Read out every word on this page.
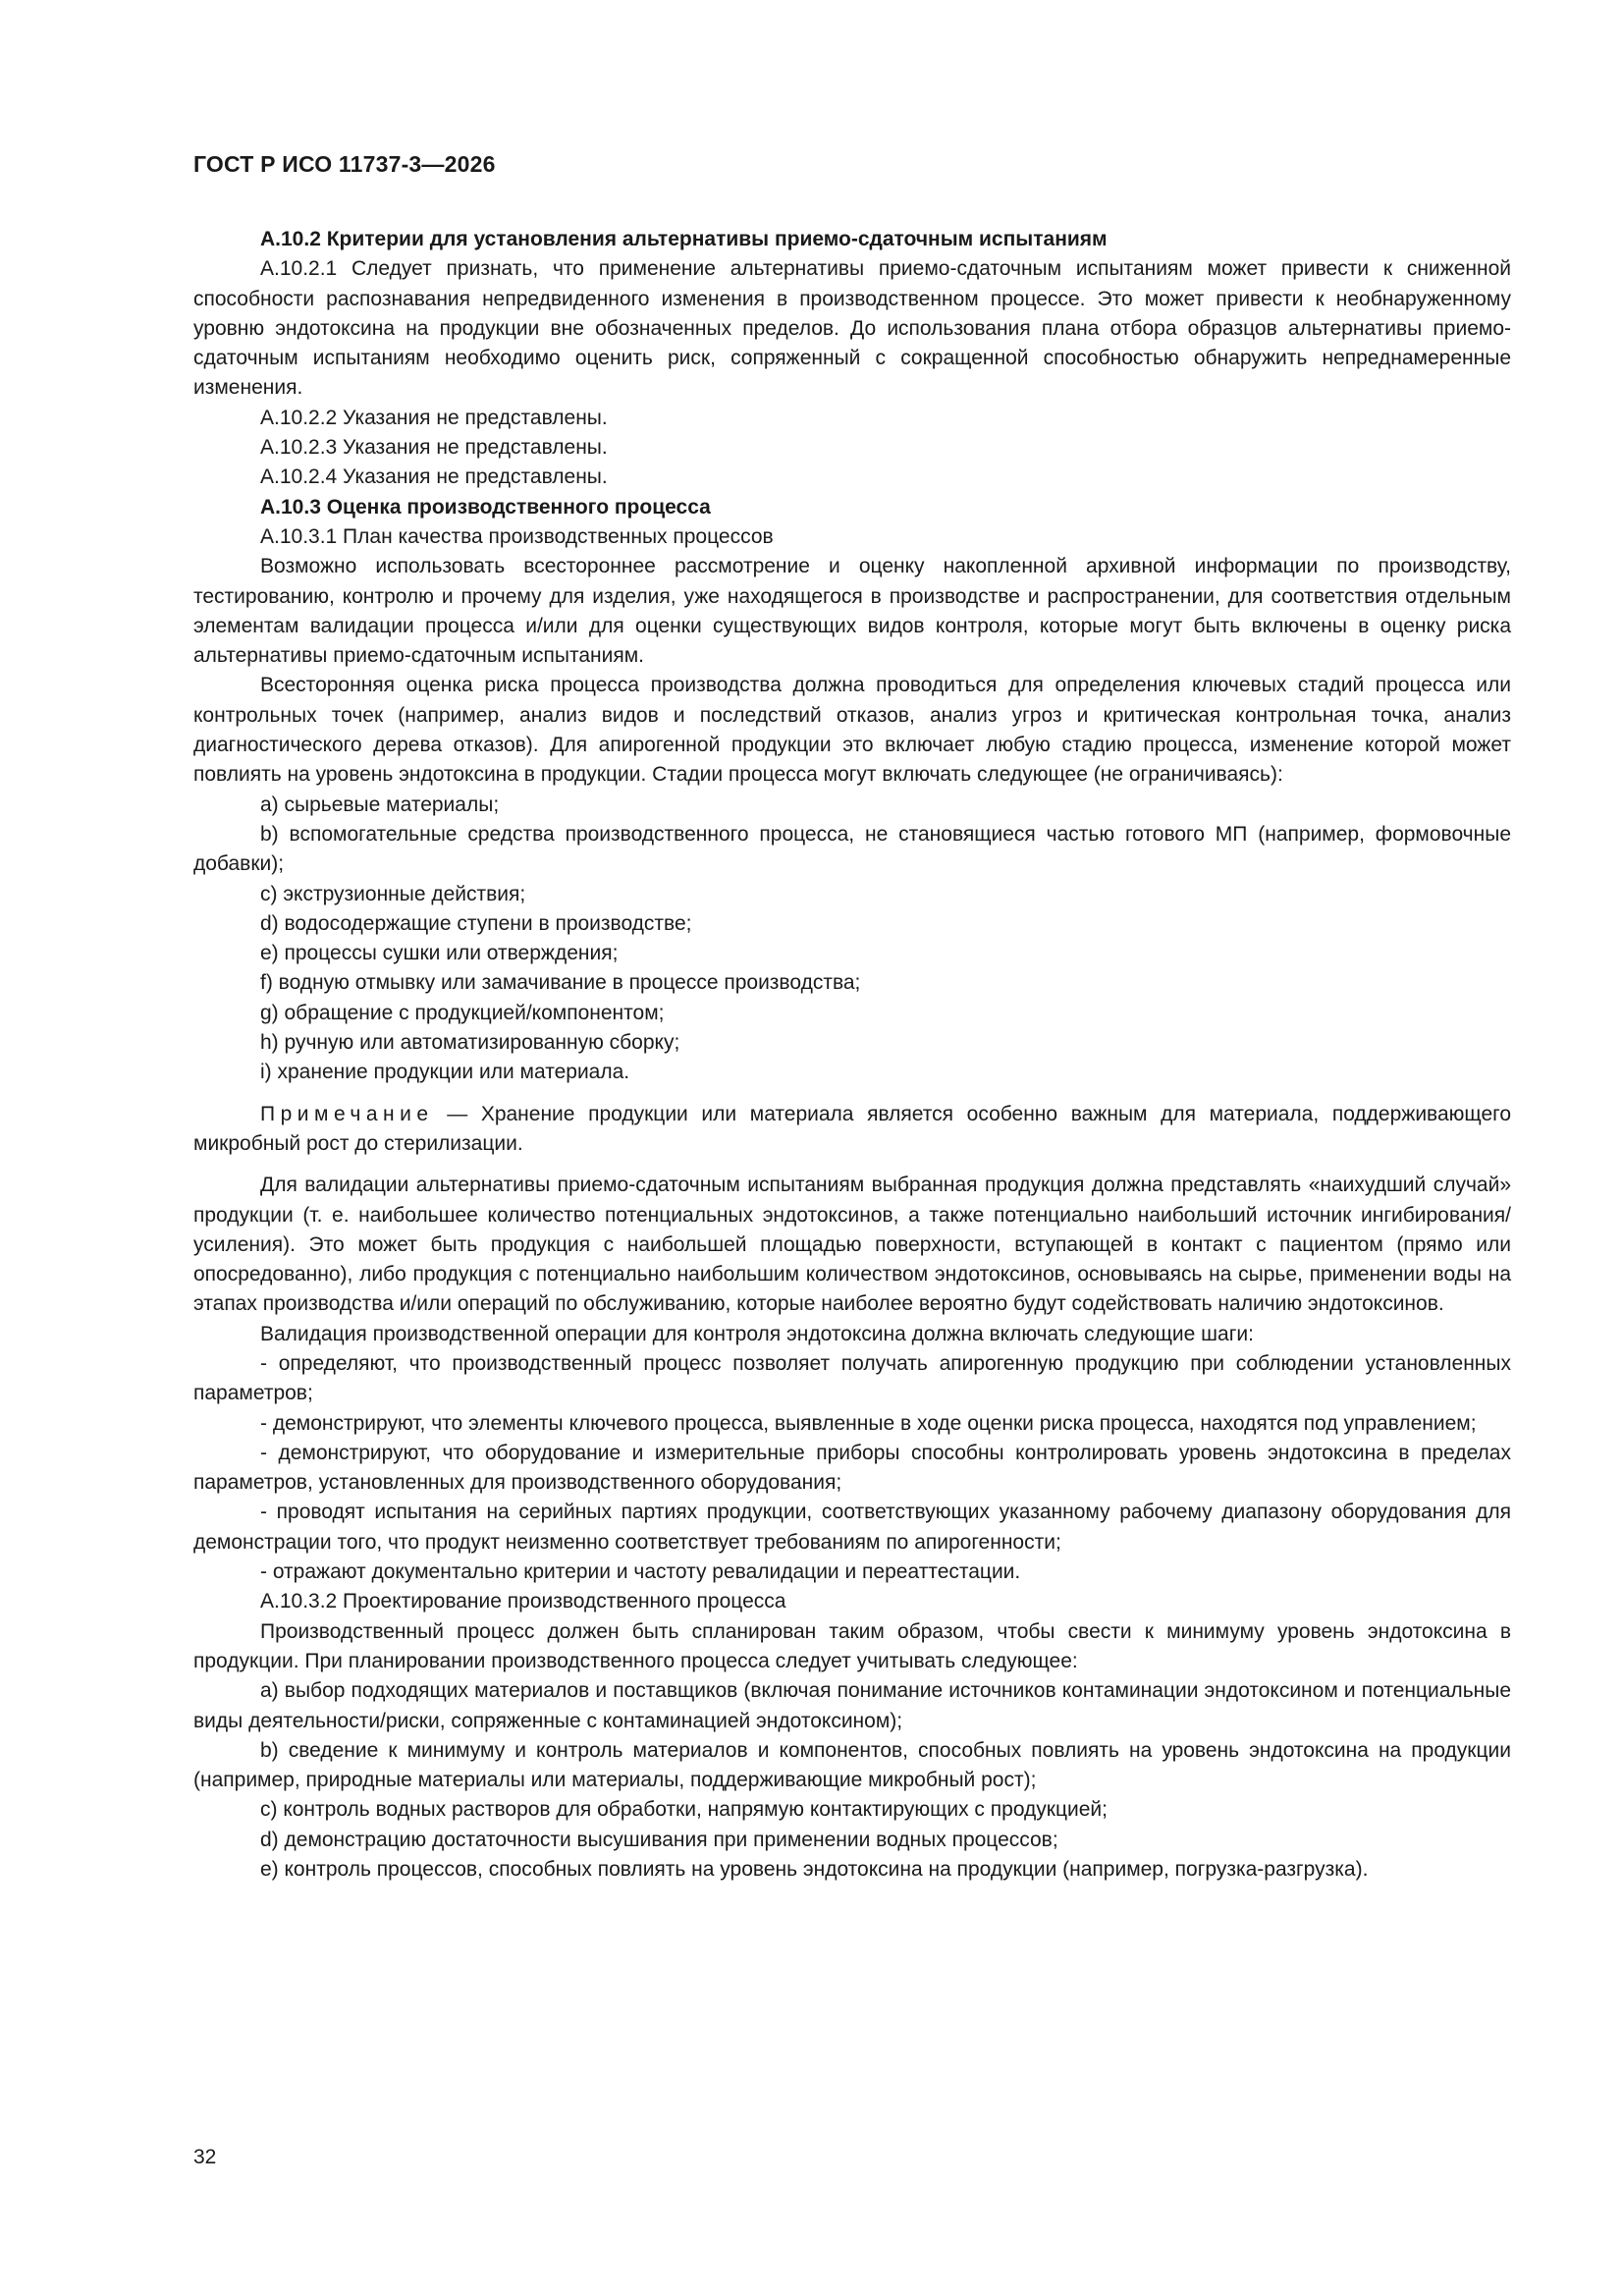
ГОСТ Р ИСО 11737-3—2026

А.10.2 Критерии для установления альтернативы приемо-сдаточным испытаниям

А.10.2.1 Следует признать, что применение альтернативы приемо-сдаточным испытаниям может привести к сниженной способности распознавания непредвиденного изменения в производственном процессе. Это может привести к необнаруженному уровню эндотоксина на продукции вне обозначенных пределов. До использования плана отбора образцов альтернативы приемо-сдаточным испытаниям необходимо оценить риск, сопряженный с сокращенной способностью обнаружить непреднамеренные изменения.

А.10.2.2 Указания не представлены.

А.10.2.3 Указания не представлены.

А.10.2.4 Указания не представлены.

А.10.3 Оценка производственного процесса

А.10.3.1 План качества производственных процессов

Возможно использовать всестороннее рассмотрение и оценку накопленной архивной информации по производству, тестированию, контролю и прочему для изделия, уже находящегося в производстве и распространении, для соответствия отдельным элементам валидации процесса и/или для оценки существующих видов контроля, которые могут быть включены в оценку риска альтернативы приемо-сдаточным испытаниям.

Всесторонняя оценка риска процесса производства должна проводиться для определения ключевых стадий процесса или контрольных точек (например, анализ видов и последствий отказов, анализ угроз и критическая контрольная точка, анализ диагностического дерева отказов). Для апирогенной продукции это включает любую стадию процесса, изменение которой может повлиять на уровень эндотоксина в продукции. Стадии процесса могут включать следующее (не ограничиваясь):

a) сырьевые материалы;

b) вспомогательные средства производственного процесса, не становящиеся частью готового МП (например, формовочные добавки);

c) экструзионные действия;

d) водосодержащие ступени в производстве;

e) процессы сушки или отверждения;

f) водную отмывку или замачивание в процессе производства;

g) обращение с продукцией/компонентом;

h) ручную или автоматизированную сборку;

i) хранение продукции или материала.

Примечание — Хранение продукции или материала является особенно важным для материала, поддерживающего микробный рост до стерилизации.

Для валидации альтернативы приемо-сдаточным испытаниям выбранная продукция должна представлять «наихудший случай» продукции (т. е. наибольшее количество потенциальных эндотоксинов, а также потенциально наибольший источник ингибирования/усиления). Это может быть продукция с наибольшей площадью поверхности, вступающей в контакт с пациентом (прямо или опосредованно), либо продукция с потенциально наибольшим количеством эндотоксинов, основываясь на сырье, применении воды на этапах производства и/или операций по обслуживанию, которые наиболее вероятно будут содействовать наличию эндотоксинов.

Валидация производственной операции для контроля эндотоксина должна включать следующие шаги:

- определяют, что производственный процесс позволяет получать апирогенную продукцию при соблюдении установленных параметров;

- демонстрируют, что элементы ключевого процесса, выявленные в ходе оценки риска процесса, находятся под управлением;

- демонстрируют, что оборудование и измерительные приборы способны контролировать уровень эндотоксина в пределах параметров, установленных для производственного оборудования;

- проводят испытания на серийных партиях продукции, соответствующих указанному рабочему диапазону оборудования для демонстрации того, что продукт неизменно соответствует требованиям по апирогенности;

- отражают документально критерии и частоту ревалидации и переаттестации.

А.10.3.2 Проектирование производственного процесса

Производственный процесс должен быть спланирован таким образом, чтобы свести к минимуму уровень эндотоксина в продукции. При планировании производственного процесса следует учитывать следующее:

a) выбор подходящих материалов и поставщиков (включая понимание источников контаминации эндотоксином и потенциальные виды деятельности/риски, сопряженные с контаминацией эндотоксином);

b) сведение к минимуму и контроль материалов и компонентов, способных повлиять на уровень эндотоксина на продукции (например, природные материалы или материалы, поддерживающие микробный рост);

c) контроль водных растворов для обработки, напрямую контактирующих с продукцией;

d) демонстрацию достаточности высушивания при применении водных процессов;

e) контроль процессов, способных повлиять на уровень эндотоксина на продукции (например, погрузка-разгрузка).

32
